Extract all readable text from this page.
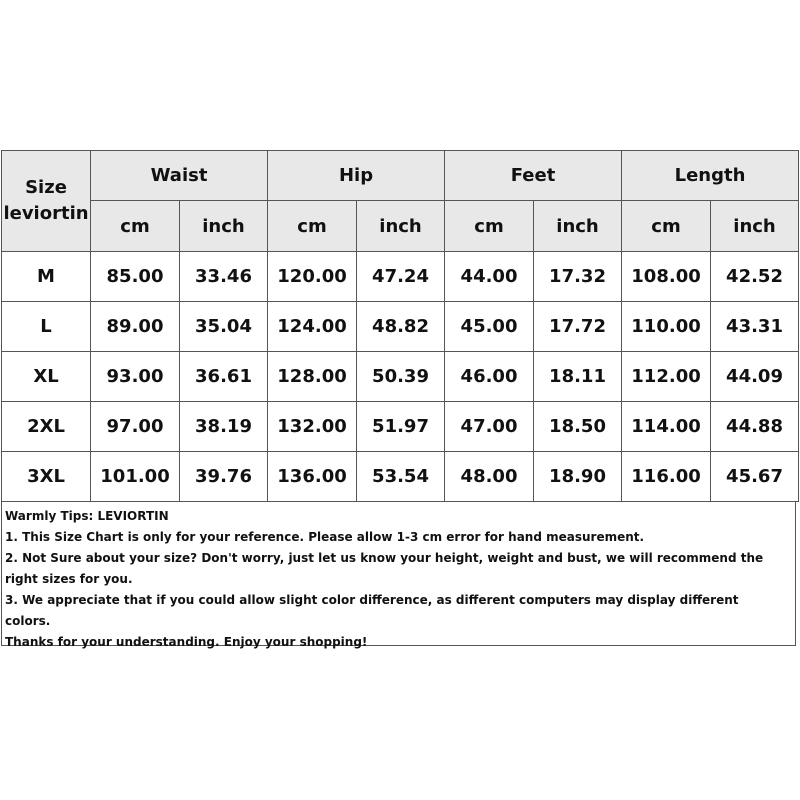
Size
leviortin	Waist		Hip		Feet		Length	
	cm	inch	cm	inch	cm	inch	cm	inch
M	85.00	33.46	120.00	47.24	44.00	17.32	108.00	42.52
L	89.00	35.04	124.00	48.82	45.00	17.72	110.00	43.31
XL	93.00	36.61	128.00	50.39	46.00	18.11	112.00	44.09
2XL	97.00	38.19	132.00	51.97	47.00	18.50	114.00	44.88
3XL	101.00	39.76	136.00	53.54	48.00	18.90	116.00	45.67

Warmly Tips: LEVIORTIN

1. This Size Chart is only for your reference. Please allow 1-3 cm error for hand measurement.

2. Not Sure about your size? Don't worry, just let us know your height, weight and bust, we will recommend the right sizes for you.

3. We appreciate that if you could allow slight color difference, as different computers may display different colors.

Thanks for your understanding. Enjoy your shopping!
